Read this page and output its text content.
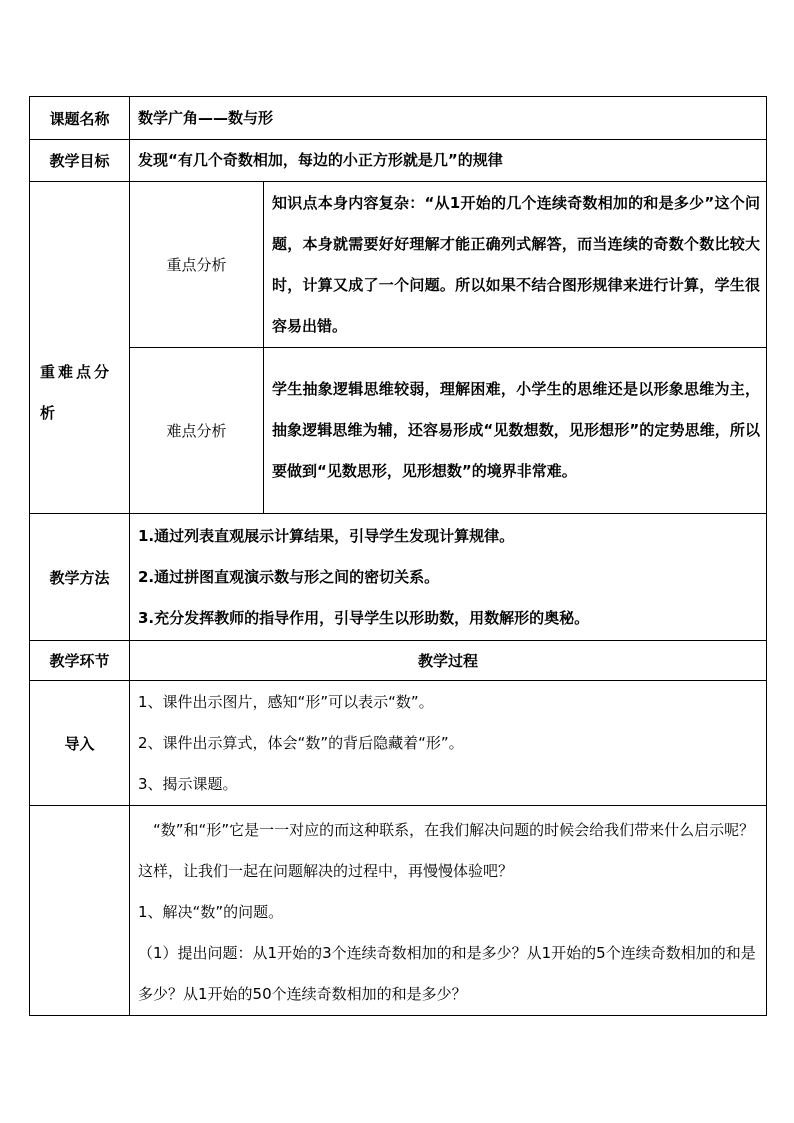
课题名称	数学广角——数与形	
教学目标	发现“有几个奇数相加，每边的小正方形就是几”的规律	

重难点分
析	重点分析	知识点本身内容复杂：“从1开始的几个连续奇数相加的和是多少”这个问题，本身就需要好好理解才能正确列式解答，而当连续的奇数个数比较大时，计算又成了一个问题。所以如果不结合图形规律来进行计算，学生很容易出错。
	难点分析	学生抽象逻辑思维较弱，理解困难，小学生的思维还是以形象思维为主，抽象逻辑思维为辅，还容易形成“见数想数，见形想形”的定势思维，所以要做到“见数思形，见形想数”的境界非常难。
教学方法	1.通过列表直观展示计算结果，引导学生发现计算规律。

2.通过拼图直观演示数与形之间的密切关系。

3.充分发挥教师的指导作用，引导学生以形助数，用数解形的奥秘。	

教学环节	教学过程	
导入	1、课件出示图片，感知“形”可以表示“数”。

2、课件出示算式，体会“数”的背后隐藏着“形”。

3、揭示课题。	

	“数”和“形”它是一一对应的而这种联系，在我们解决问题的时候会给我们带来什么启示呢？这样，让我们一起在问题解决的过程中，再慢慢体验吧？

1、解决“数”的问题。

（1）提出问题：从1开始的3个连续奇数相加的和是多少？从1开始的5个连续奇数相加的和是多少？从1开始的50个连续奇数相加的和是多少？	
